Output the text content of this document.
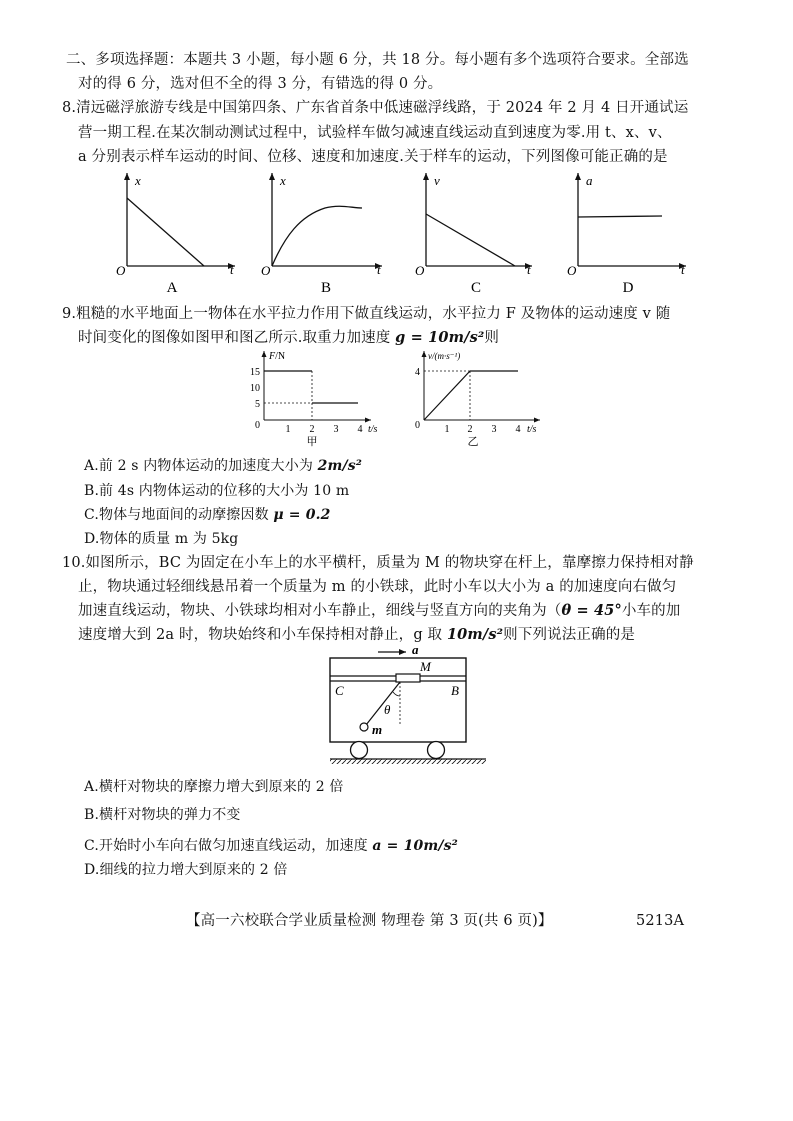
二、多项选择题：本题共 3 小题，每小题 6 分，共 18 分。每小题有多个选项符合要求。全部选
对的得 6 分，选对但不全的得 3 分，有错选的得 0 分。
8.清远磁浮旅游专线是中国第四条、广东省首条中低速磁浮线路，于 2024 年 2 月 4 日开通试运
营一期工程.在某次制动测试过程中，试验样车做匀减速直线运动直到速度为零.用 t、x、v、
a 分别表示样车运动的时间、位移、速度和加速度.关于样车的运动，下列图像可能正确的是
x
t
O
A
x
t
O
B
v
t
O
C
a
t
O
D
9.粗糙的水平地面上一物体在水平拉力作用下做直线运动，水平拉力 F 及物体的运动速度 v 随
时间变化的图像如图甲和图乙所示.取重力加速度 g = 10m/s²则
F/N
15
10
5
0	1 2 3 4 t/s
甲
v/(m·s⁻¹)
4
0 1 2 3 4 t/s
乙
A.前 2 s 内物体运动的加速度大小为 2m/s²
B.前 4s 内物体运动的位移的大小为 10 m
C.物体与地面间的动摩擦因数 μ = 0.2
D.物体的质量 m 为 5kg
10.如图所示，BC 为固定在小车上的水平横杆，质量为 M 的物块穿在杆上，靠摩擦力保持相对静
止，物块通过轻细线悬吊着一个质量为 m 的小铁球，此时小车以大小为 a 的加速度向右做匀
加速直线运动，物块、小铁球均相对小车静止，细线与竖直方向的夹角为（θ = 45°小车的加
速度增大到 2a 时，物块始终和小车保持相对静止，g 取 10m/s²则下列说法正确的是
a
M
C	B
θ
m
A.横杆对物块的摩擦力增大到原来的 2 倍
B.横杆对物块的弹力不变
C.开始时小车向右做匀加速直线运动，加速度 a = 10m/s²
D.细线的拉力增大到原来的 2 倍
【高一六校联合学业质量检测 物理卷 第 3 页(共 6 页)】	5213A
